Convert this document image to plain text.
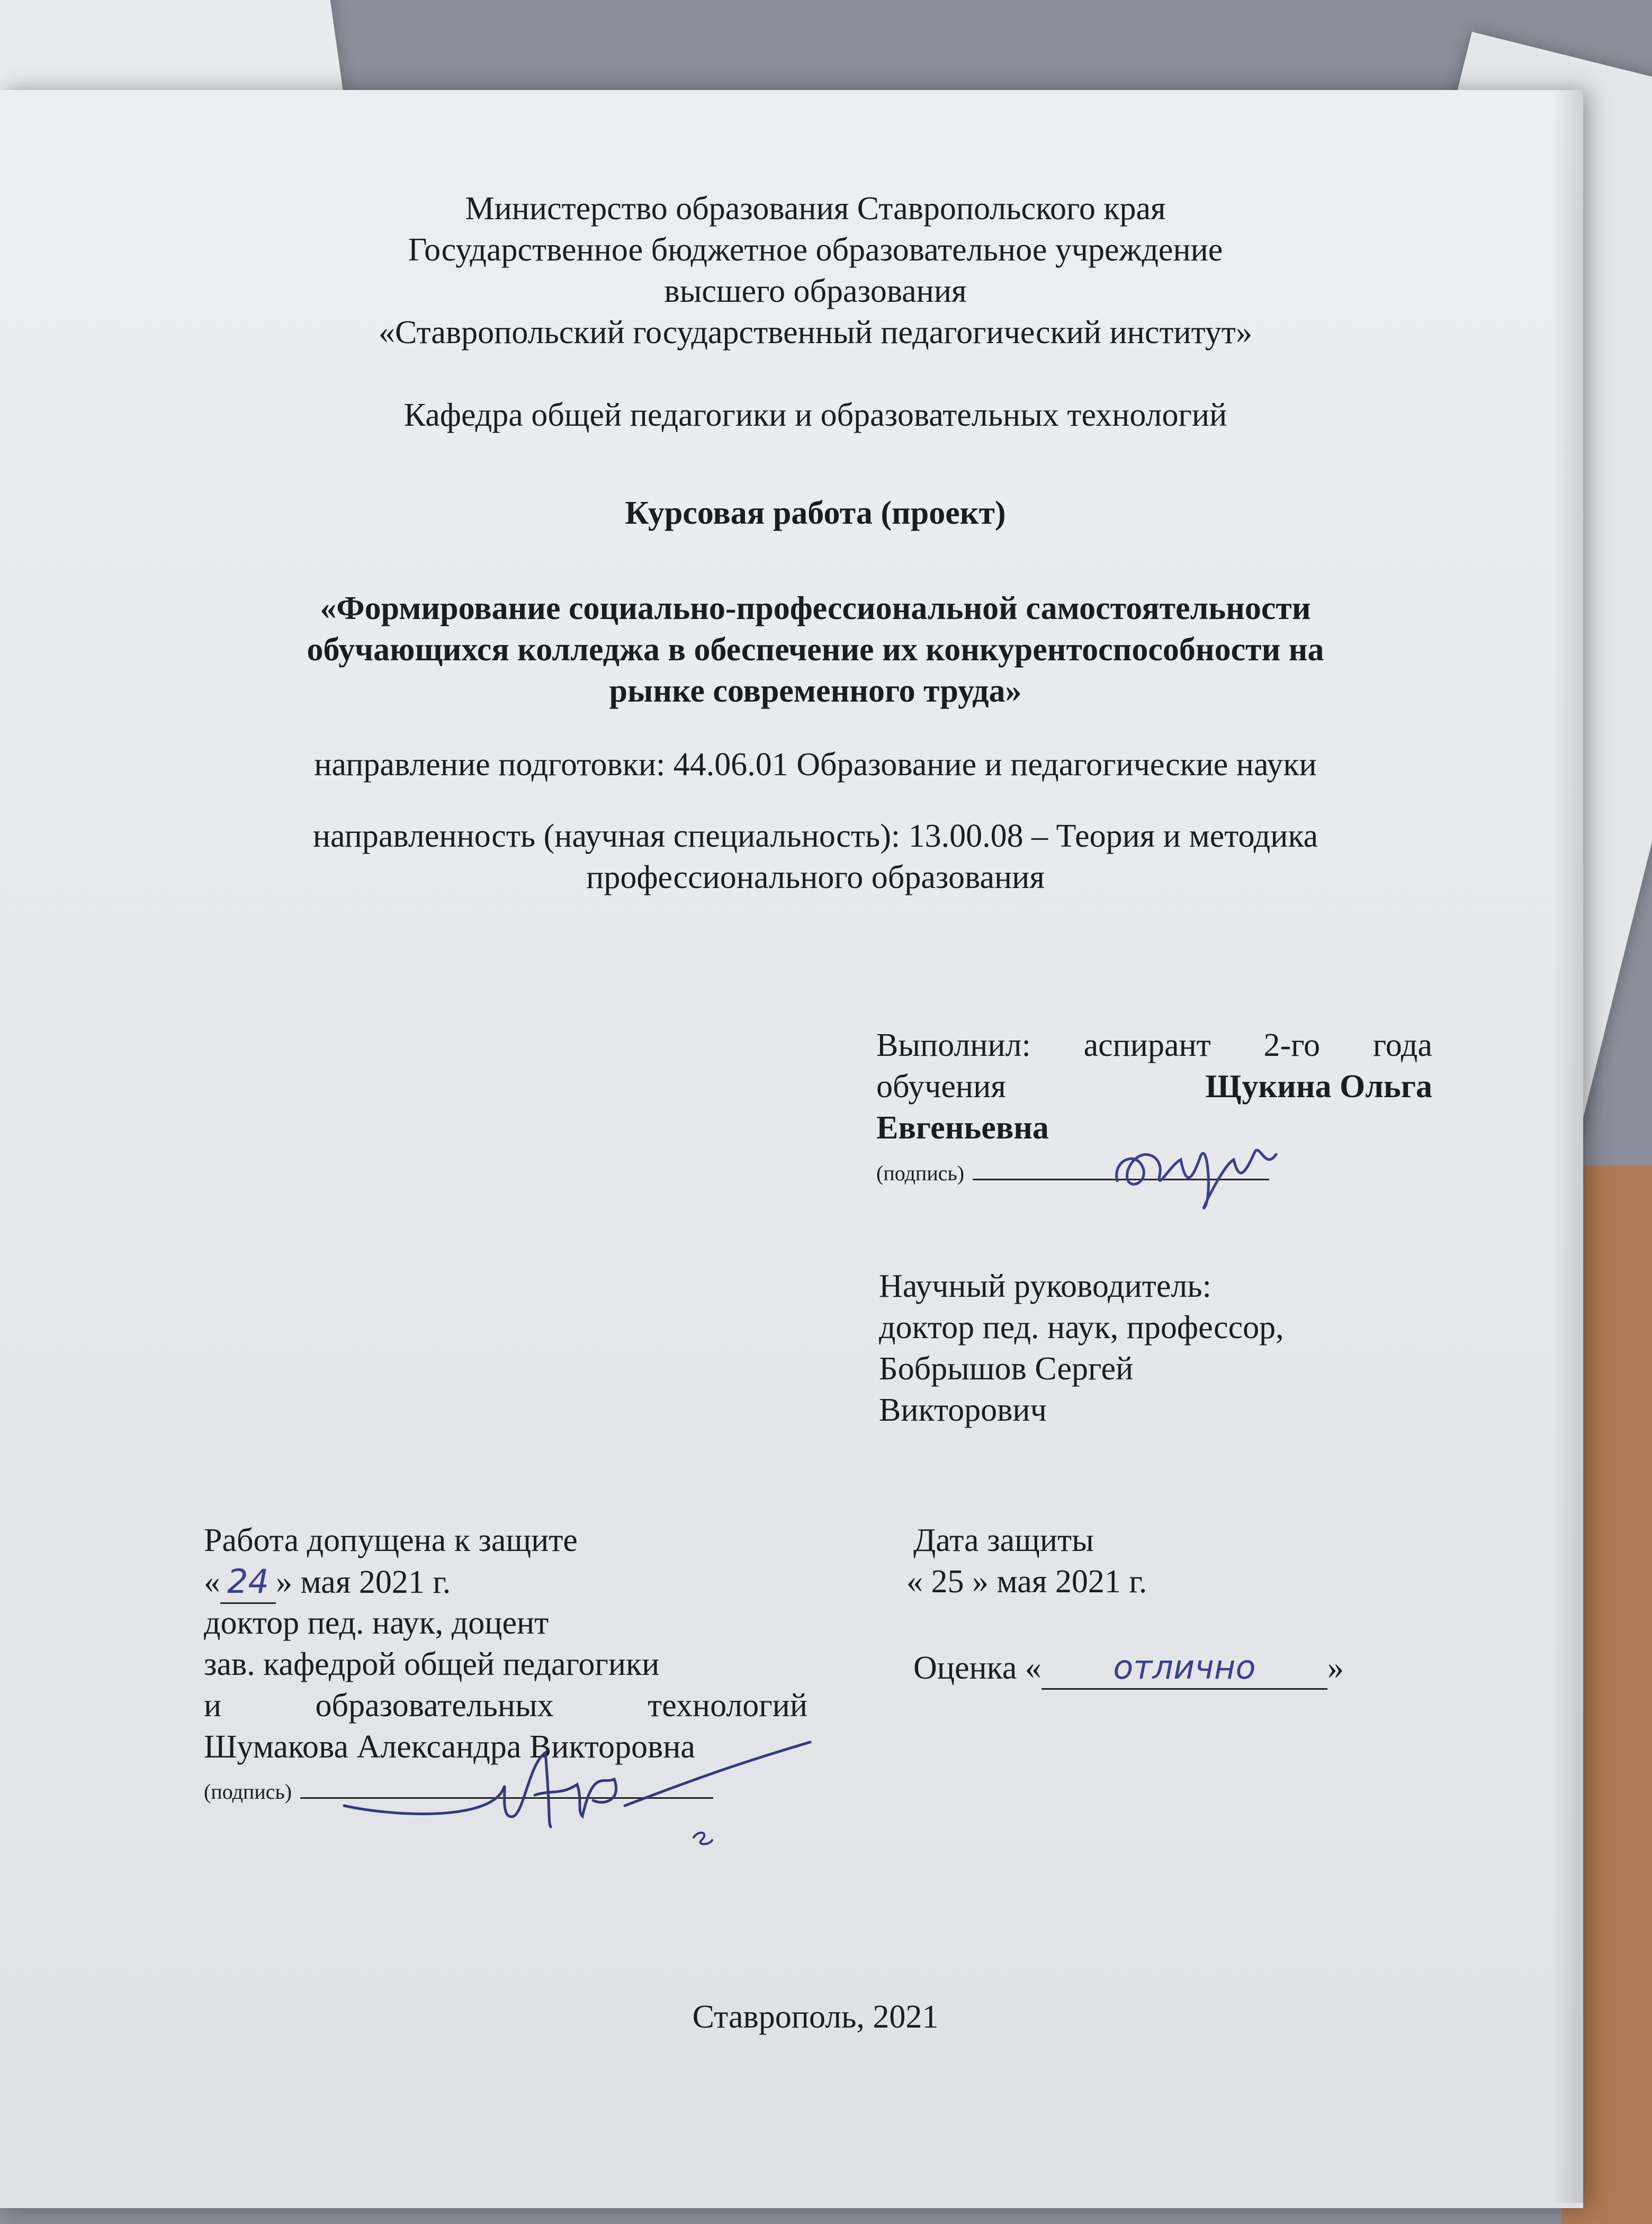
Министерство образования Ставропольского края
Государственное бюджетное образовательное учреждение
высшего образования
«Ставропольский государственный педагогический институт»
Кафедра общей педагогики и образовательных технологий
Курсовая работа (проект)
«Формирование социально-профессиональной самостоятельности
обучающихся колледжа в обеспечение их конкурентоспособности на
рынке современного труда»
направление подготовки: 44.06.01 Образование и педагогические науки
направленность (научная специальность): 13.00.08 – Теория и методика
профессионального образования
Выполнил: аспирант 2-го года
обучения	Щукина Ольга
Евгеньевна
(подпись)
Научный руководитель:
доктор пед. наук, профессор,
Бобрышов Сергей
Викторович
Работа допущена к защите
« 24 » мая 2021 г.
доктор пед. наук, доцент
зав. кафедрой общей педагогики
и	образовательных	технологий
Шумакова Александра Викторовна
(подпись)
Дата защиты
« 25 » мая 2021 г.
Оценка « отлично »
Ставрополь, 2021
